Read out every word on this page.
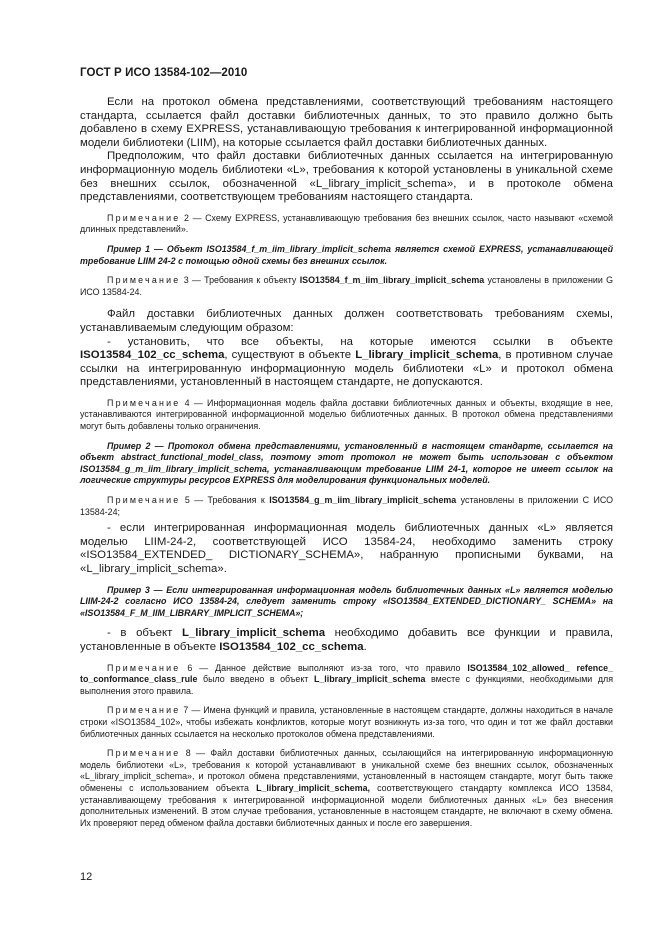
ГОСТ Р ИСО 13584-102—2010

Если на протокол обмена представлениями, соответствующий требованиям настоящего стандарта, ссылается файл доставки библиотечных данных, то это правило должно быть добавлено в схему EXPRESS, устанавливающую требования к интегрированной информационной модели библиотеки (LIIM), на которые ссылается файл доставки библиотечных данных.

Предположим, что файл доставки библиотечных данных ссылается на интегрированную информационную модель библиотеки «L», требования к которой установлены в уникальной схеме без внешних ссылок, обозначенной «L_library_implicit_schema», и в протоколе обмена представлениями, соответствующем требованиям настоящего стандарта.

Примечание 2 — Схему EXPRESS, устанавливающую требования без внешних ссылок, часто называют «схемой длинных представлений».

Пример 1 — Объект ISO13584_f_m_iim_library_implicit_schema является схемой EXPRESS, устанавливающей требование LIIM 24-2 с помощью одной схемы без внешних ссылок.

Примечание 3 — Требования к объекту ISO13584_f_m_iim_library_implicit_schema установлены в приложении G ИСО 13584-24.

Файл доставки библиотечных данных должен соответствовать требованиям схемы, устанавливаемым следующим образом:

- установить, что все объекты, на которые имеются ссылки в объекте ISO13584_102_cc_schema, существуют в объекте L_library_implicit_schema, в противном случае ссылки на интегрированную информационную модель библиотеки «L» и протокол обмена представлениями, установленный в настоящем стандарте, не допускаются.

Примечание 4 — Информационная модель файла доставки библиотечных данных и объекты, входящие в нее, устанавливаются интегрированной информационной моделью библиотечных данных. В протокол обмена представлениями могут быть добавлены только ограничения.

Пример 2 — Протокол обмена представлениями, установленный в настоящем стандарте, ссылается на объект abstract_functional_model_class, поэтому этот протокол не может быть использован с объектом ISO13584_g_m_iim_library_implicit_schema, устанавливающим требование LIIM 24-1, которое не имеет ссылок на логические структуры ресурсов EXPRESS для моделирования функциональных моделей.

Примечание 5 — Требования к ISO13584_g_m_iim_library_implicit_schema установлены в приложении С ИСО 13584-24;

- если интегрированная информационная модель библиотечных данных «L» является моделью LIIM-24-2, соответствующей ИСО 13584-24, необходимо заменить строку «ISO13584_EXTENDED_ DICTIONARY_SCHEMA», набранную прописными буквами, на «L_library_implicit_schema».

Пример 3 — Если интегрированная информационная модель библиотечных данных «L» является моделью LIIM-24-2 согласно ИСО 13584-24, следует заменить строку «ISO13584_EXTENDED_DICTIONARY_ SCHEMA» на «ISO13584_F_M_IIM_LIBRARY_IMPLICIT_SCHEMA»;

- в объект L_library_implicit_schema необходимо добавить все функции и правила, установленные в объекте ISO13584_102_cc_schema.

Примечание 6 — Данное действие выполняют из-за того, что правило ISO13584_102_allowed_ refence_ to_conformance_class_rule было введено в объект L_library_implicit_schema вместе с функциями, необходимыми для выполнения этого правила.

Примечание 7 — Имена функций и правила, установленные в настоящем стандарте, должны находиться в начале строки «ISO13584_102», чтобы избежать конфликтов, которые могут возникнуть из-за того, что один и тот же файл доставки библиотечных данных ссылается на несколько протоколов обмена представлениями.

Примечание 8 — Файл доставки библиотечных данных, ссылающийся на интегрированную информационную модель библиотеки «L», требования к которой устанавливают в уникальной схеме без внешних ссылок, обозначенных «L_library_implicit_schema», и протокол обмена представлениями, установленный в настоящем стандарте, могут быть также обменены с использованием объекта L_library_implicit_schema, соответствующего стандарту комплекса ИСО 13584, устанавливающему требования к интегрированной информационной модели библиотечных данных «L» без внесения дополнительных изменений. В этом случае требования, установленные в настоящем стандарте, не включают в схему обмена. Их проверяют перед обменом файла доставки библиотечных данных и после его завершения.

12
